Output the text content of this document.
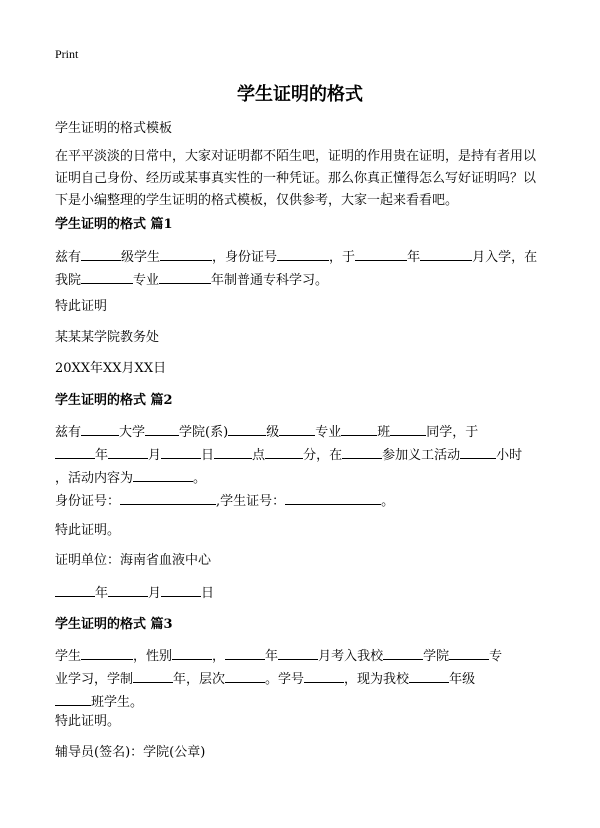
Print
学生证明的格式
学生证明的格式模板
在平平淡淡的日常中，大家对证明都不陌生吧，证明的作用贵在证明，是持有者用以证明自己身份、经历或某事真实性的一种凭证。那么你真正懂得怎么写好证明吗？以下是小编整理的学生证明的格式模板，仅供参考，大家一起来看看吧。
学生证明的格式 篇1
兹有	级学生	，身份证号	，于	年	月入学，在我院	专业	年制普通专科学习。
特此证明
某某某学院教务处
20XX年XX月XX日
学生证明的格式 篇2
兹有	大学	学院(系)	级	专业	班	同学，于
年	月	日	点	分，在	参加义工活动	小时
，活动内容为	。
身份证号：	,学生证号：	。
特此证明。
证明单位：海南省血液中心
年	月	日
学生证明的格式 篇3
学生	，性别	，	年	月考入我校	学院	专
业学习，学制	年，层次	。学号	，现为我校	年级
班学生。
特此证明。
辅导员(签名)：学院(公章)
